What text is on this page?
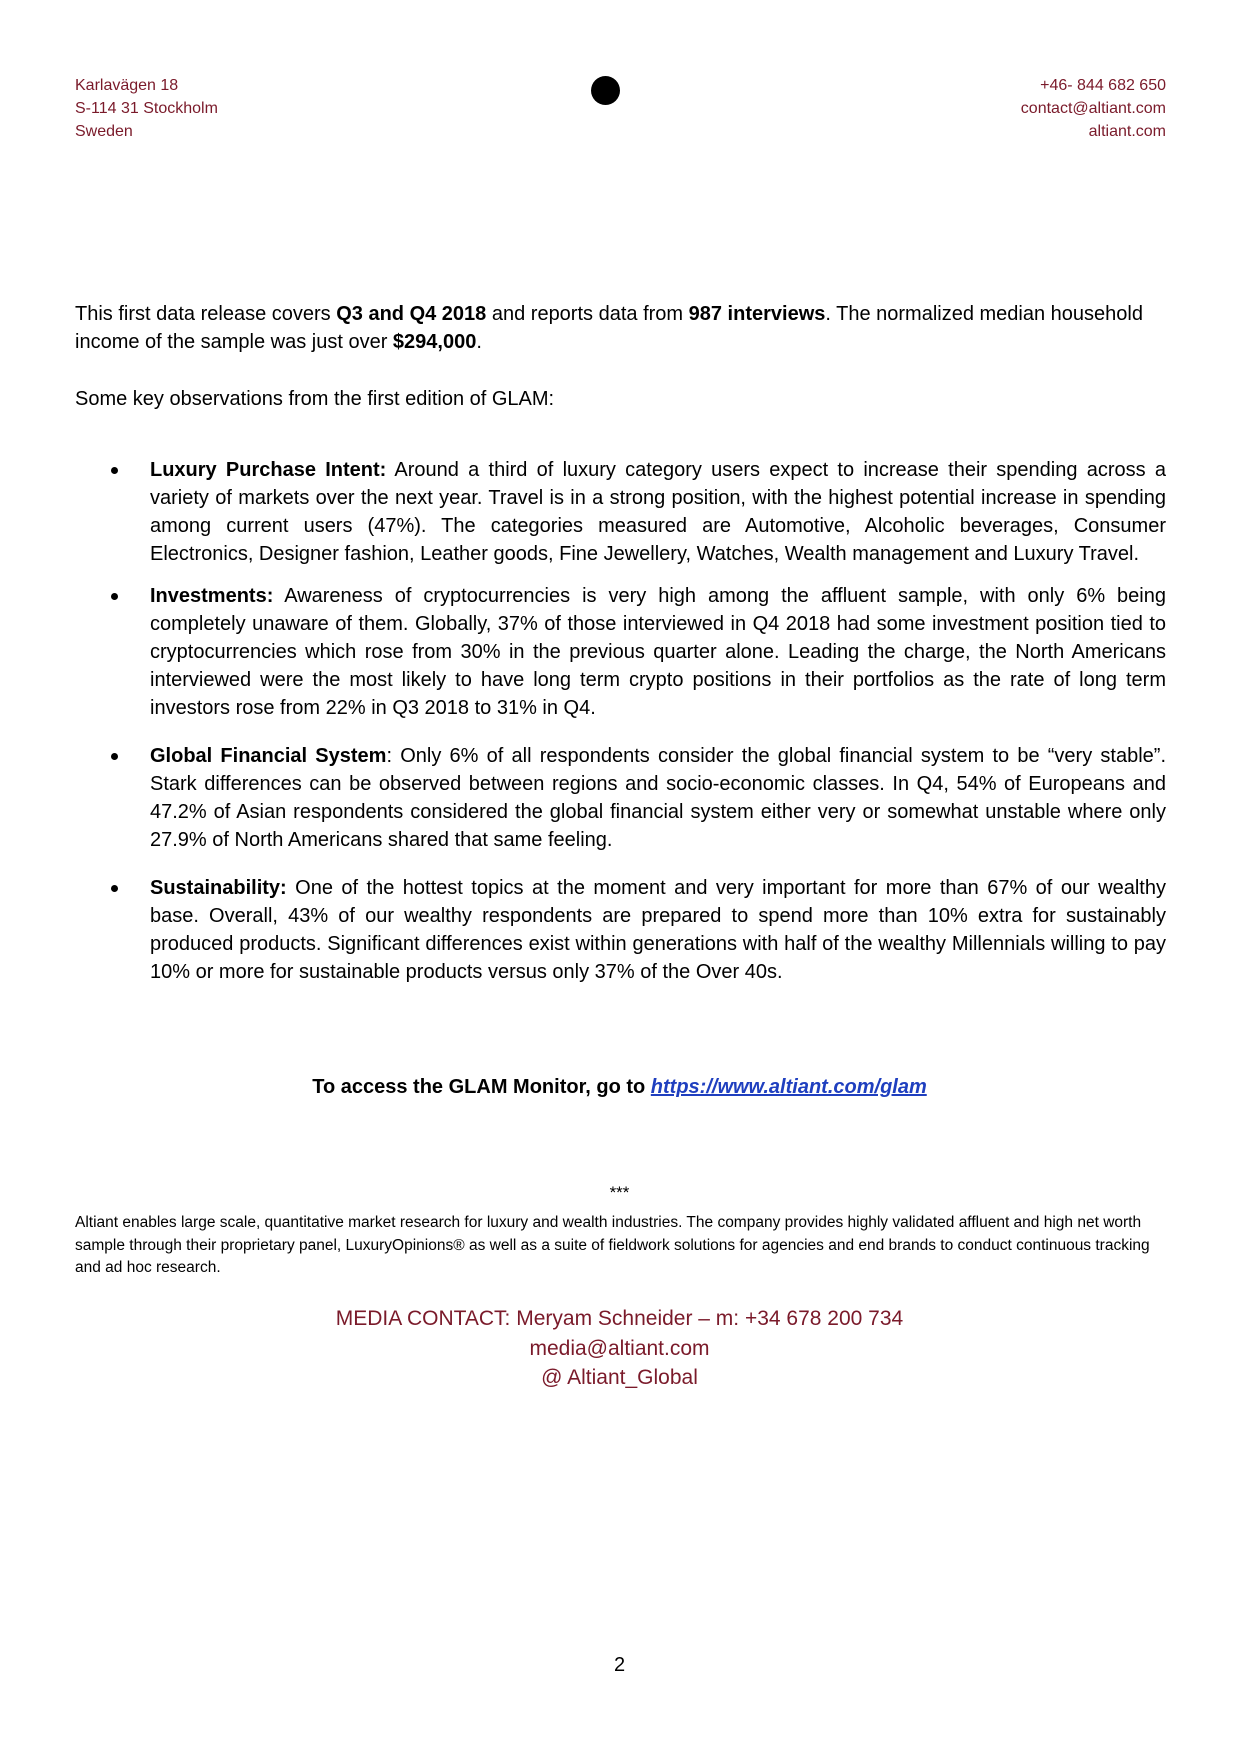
Karlavägen 18
S-114 31 Stockholm
Sweden
+46- 844 682 650
contact@altiant.com
altiant.com

This first data release covers Q3 and Q4 2018 and reports data from 987 interviews. The normalized median household income of the sample was just over $294,000.

Some key observations from the first edition of GLAM:

Luxury Purchase Intent: Around a third of luxury category users expect to increase their spending across a variety of markets over the next year. Travel is in a strong position, with the highest potential increase in spending among current users (47%). The categories measured are Automotive, Alcoholic beverages, Consumer Electronics, Designer fashion, Leather goods, Fine Jewellery, Watches, Wealth management and Luxury Travel.
Investments: Awareness of cryptocurrencies is very high among the affluent sample, with only 6% being completely unaware of them. Globally, 37% of those interviewed in Q4 2018 had some investment position tied to cryptocurrencies which rose from 30% in the previous quarter alone. Leading the charge, the North Americans interviewed were the most likely to have long term crypto positions in their portfolios as the rate of long term investors rose from 22% in Q3 2018 to 31% in Q4.
Global Financial System: Only 6% of all respondents consider the global financial system to be “very stable”. Stark differences can be observed between regions and socio-economic classes. In Q4, 54% of Europeans and 47.2% of Asian respondents considered the global financial system either very or somewhat unstable where only 27.9% of North Americans shared that same feeling.
Sustainability: One of the hottest topics at the moment and very important for more than 67% of our wealthy base. Overall, 43% of our wealthy respondents are prepared to spend more than 10% extra for sustainably produced products. Significant differences exist within generations with half of the wealthy Millennials willing to pay 10% or more for sustainable products versus only 37% of the Over 40s.
To access the GLAM Monitor, go to https://www.altiant.com/glam
***

Altiant enables large scale, quantitative market research for luxury and wealth industries. The company provides highly validated affluent and high net worth sample through their proprietary panel, LuxuryOpinions® as well as a suite of fieldwork solutions for agencies and end brands to conduct continuous tracking and ad hoc research.

MEDIA CONTACT: Meryam Schneider – m: +34 678 200 734
media@altiant.com
@ Altiant_Global
2
